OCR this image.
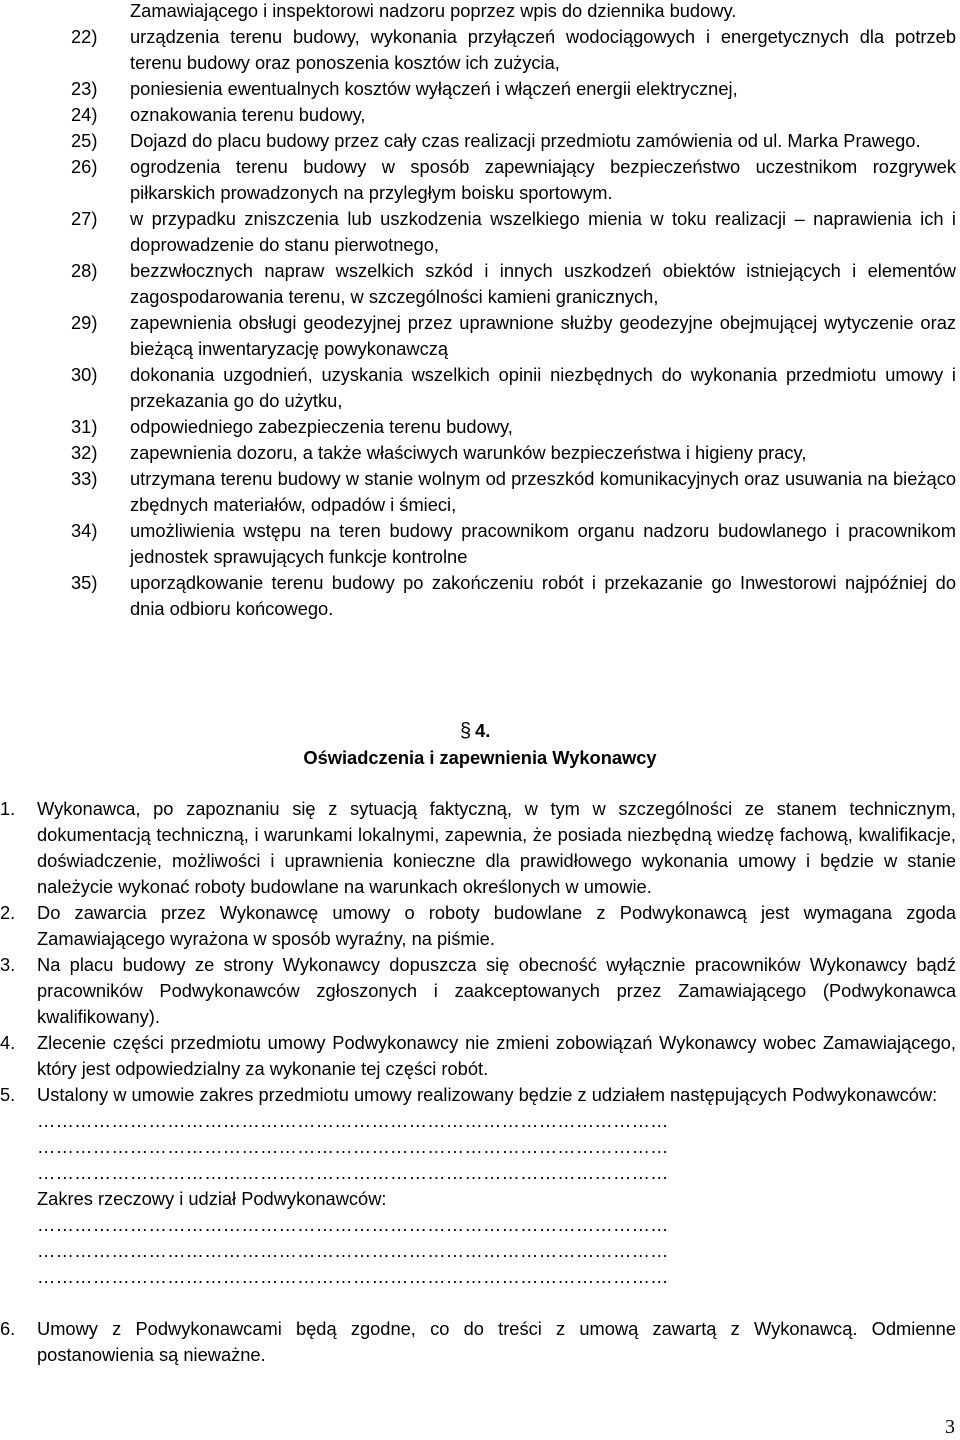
Zamawiającego i inspektorowi nadzoru poprzez wpis do dziennika budowy.
22) urządzenia terenu budowy, wykonania przyłączeń wodociągowych i energetycznych dla potrzeb terenu budowy oraz ponoszenia kosztów ich zużycia,
23) poniesienia ewentualnych kosztów wyłączeń i włączeń energii elektrycznej,
24) oznakowania terenu budowy,
25) Dojazd do placu budowy przez cały czas realizacji przedmiotu zamówienia od ul. Marka Prawego.
26) ogrodzenia terenu budowy w sposób zapewniający bezpieczeństwo uczestnikom rozgrywek piłkarskich prowadzonych na przyległym boisku sportowym.
27) w przypadku zniszczenia lub uszkodzenia wszelkiego mienia w toku realizacji – naprawienia ich i doprowadzenie do stanu pierwotnego,
28) bezzwłocznych napraw wszelkich szkód i innych uszkodzeń obiektów istniejących i elementów zagospodarowania terenu, w szczególności kamieni granicznych,
29) zapewnienia obsługi geodezyjnej przez uprawnione służby geodezyjne obejmującej wytyczenie oraz bieżącą inwentaryzację powykonawczą
30) dokonania uzgodnień, uzyskania wszelkich opinii niezbędnych do wykonania przedmiotu umowy i przekazania go do użytku,
31) odpowiedniego zabezpieczenia terenu budowy,
32) zapewnienia dozoru, a także właściwych warunków bezpieczeństwa i higieny pracy,
33) utrzymana terenu budowy w stanie wolnym od przeszkód komunikacyjnych oraz usuwania na bieżąco zbędnych materiałów, odpadów i śmieci,
34) umożliwienia wstępu na teren budowy pracownikom organu nadzoru budowlanego i pracownikom jednostek sprawujących funkcje kontrolne
35) uporządkowanie terenu budowy po zakończeniu robót i przekazanie go Inwestorowi najpóźniej do dnia odbioru końcowego.
§ 4.
Oświadczenia i zapewnienia Wykonawcy
1. Wykonawca, po zapoznaniu się z sytuacją faktyczną, w tym w szczególności ze stanem technicznym, dokumentacją techniczną, i warunkami lokalnymi, zapewnia, że posiada niezbędną wiedzę fachową, kwalifikacje, doświadczenie, możliwości i uprawnienia konieczne dla prawidłowego wykonania umowy i będzie w stanie należycie wykonać roboty budowlane na warunkach określonych w umowie.
2. Do zawarcia przez Wykonawcę umowy o roboty budowlane z Podwykonawcą jest wymagana zgoda Zamawiającego wyrażona w sposób wyraźny, na piśmie.
3. Na placu budowy ze strony Wykonawcy dopuszcza się obecność wyłącznie pracowników Wykonawcy bądź pracowników Podwykonawców zgłoszonych i zaakceptowanych przez Zamawiającego (Podwykonawca kwalifikowany).
4. Zlecenie części przedmiotu umowy Podwykonawcy nie zmieni zobowiązań Wykonawcy wobec Zamawiającego, który jest odpowiedzialny za wykonanie tej części robót.
5. Ustalony w umowie zakres przedmiotu umowy realizowany będzie z udziałem następujących Podwykonawców:
…………………………………………………………………………………………
…………………………………………………………………………………………
…………………………………………………………………………………………
Zakres rzeczowy i udział Podwykonawców:
…………………………………………………………………………………………
…………………………………………………………………………………………
…………………………………………………………………………………………
6. Umowy z Podwykonawcami będą zgodne, co do treści z umową zawartą z Wykonawcą. Odmienne postanowienia są nieważne.
3
